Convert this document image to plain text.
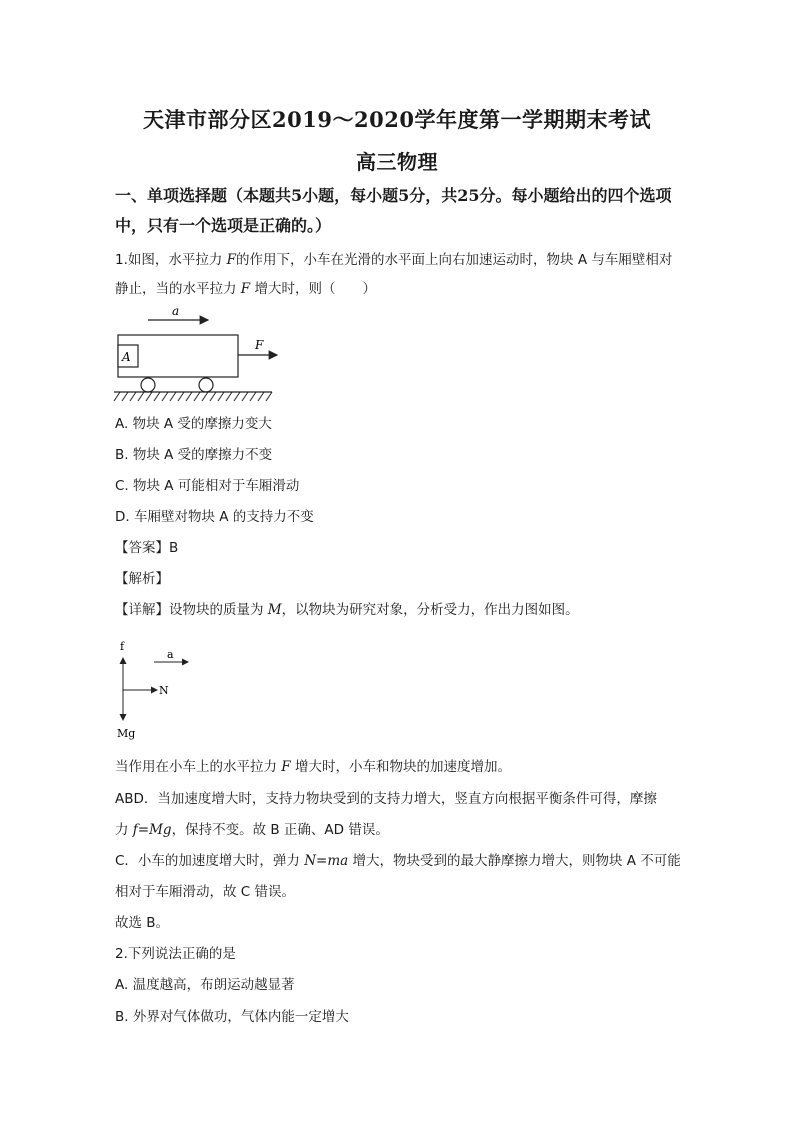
天津市部分区2019～2020学年度第一学期期末考试
高三物理
一、单项选择题（本题共5小题，每小题5分，共25分。每小题给出的四个选项
中，只有一个选项是正确的。）
1.如图，水平拉力 F的作用下，小车在光滑的水平面上向右加速运动时，物块 A 与车厢壁相对
静止，当的水平拉力 F 增大时，则（　　）
a
A
F
A. 物块 A 受的摩擦力变大
B. 物块 A 受的摩擦力不变
C. 物块 A 可能相对于车厢滑动
D. 车厢壁对物块 A 的支持力不变
【答案】B
【解析】
【详解】设物块的质量为 M，以物块为研究对象，分析受力，作出力图如图。
f
N
a
Mg
当作用在小车上的水平拉力 F 增大时，小车和物块的加速度增加。
ABD．当加速度增大时，支持力物块受到的支持力增大，竖直方向根据平衡条件可得，摩擦
力 f=Mg，保持不变。故 B 正确、AD 错误。
C．小车的加速度增大时，弹力 N=ma 增大，物块受到的最大静摩擦力增大，则物块 A 不可能
相对于车厢滑动，故 C 错误。
故选 B。
2.下列说法正确的是
A. 温度越高，布朗运动越显著
B. 外界对气体做功，气体内能一定增大
